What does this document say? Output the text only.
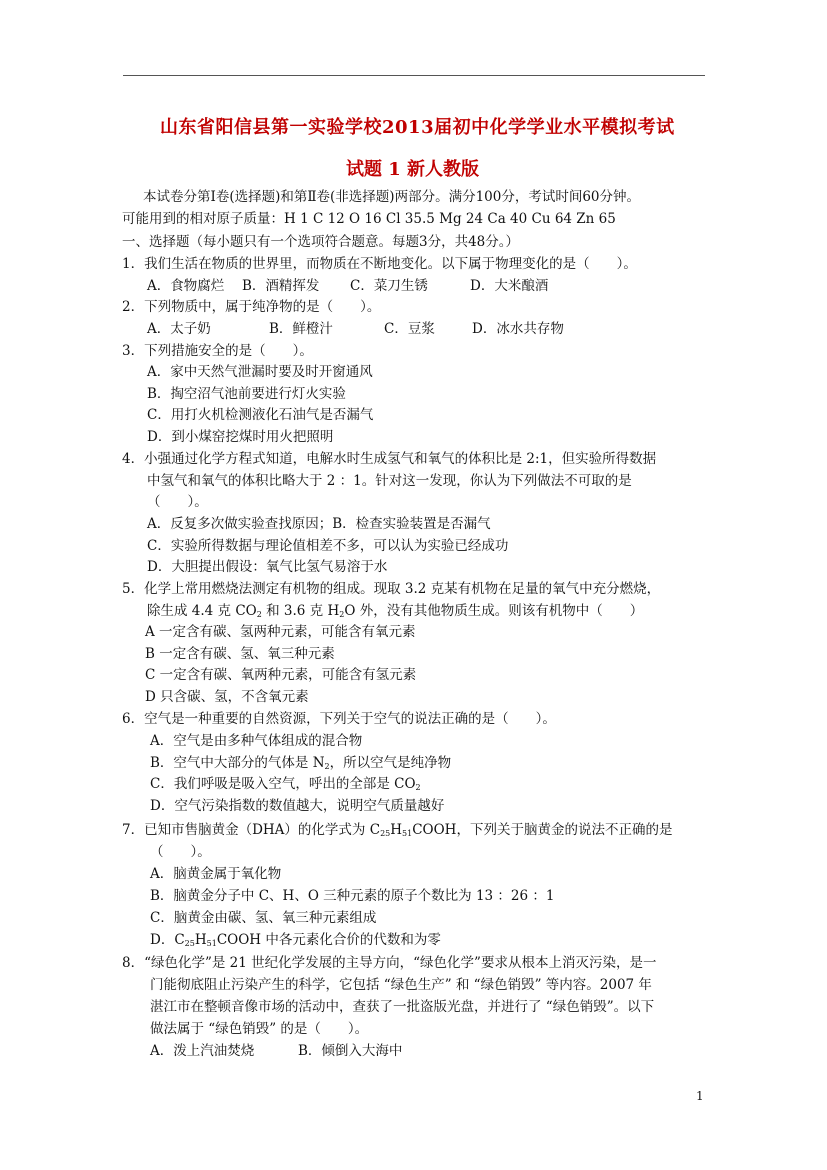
山东省阳信县第一实验学校2013届初中化学学业水平模拟考试
试题 1 新人教版
本试卷分第Ⅰ卷(选择题)和第Ⅱ卷(非选择题)两部分。满分100分，考试时间60分钟。
可能用到的相对原子质量：H 1 C 12 O 16 Cl 35.5 Mg 24 Ca 40 Cu 64 Zn 65
一、选择题（每小题只有一个选项符合题意。每题3分，共48分。）
1．我们生活在物质的世界里，而物质在不断地变化。以下属于物理变化的是（　　）。
A．食物腐烂 B．酒精挥发 C．菜刀生锈	D．大米酿酒
2．下列物质中，属于纯净物的是（　　）。
A．太子奶	B．鲜橙汁	C．豆浆	D．冰水共存物
3．下列措施安全的是（　　）。
A．家中天然气泄漏时要及时开窗通风
B．掏空沼气池前要进行灯火实验
C．用打火机检测液化石油气是否漏气
D．到小煤窑挖煤时用火把照明
4．小强通过化学方程式知道，电解水时生成氢气和氧气的体积比是 2:1，但实验所得数据
中氢气和氧气的体积比略大于 2 ：1。针对这一发现，你认为下列做法不可取的是
（　　）。
A．反复多次做实验查找原因；B．检查实验装置是否漏气
C．实验所得数据与理论值相差不多，可以认为实验已经成功
D．大胆提出假设：氧气比氢气易溶于水
5．化学上常用燃烧法测定有机物的组成。现取 3.2 克某有机物在足量的氧气中充分燃烧，
除生成 4.4 克 $CO_2$ 和 3.6 克 $H_2O$ 外，没有其他物质生成。则该有机物中（　　）
A 一定含有碳、氢两种元素，可能含有氧元素
B 一定含有碳、氢、氧三种元素
C 一定含有碳、氧两种元素，可能含有氢元素
D 只含碳、氢，不含氧元素
6．空气是一种重要的自然资源，下列关于空气的说法正确的是（　　）。
A．空气是由多种气体组成的混合物
B．空气中大部分的气体是 $N_2$，所以空气是纯净物
C．我们呼吸是吸入空气，呼出的全部是 $CO_2$
D．空气污染指数的数值越大，说明空气质量越好
7．已知市售脑黄金（DHA）的化学式为 $C_{25}H_{51}COOH$，下列关于脑黄金的说法不正确的是
（　　）。
A．脑黄金属于氧化物
B．脑黄金分子中 C、H、O 三种元素的原子个数比为 13 ：26 ：1
C．脑黄金由碳、氢、氧三种元素组成
D．$C_{25}H_{51}COOH$ 中各元素化合价的代数和为零
8．“绿色化学”是 21 世纪化学发展的主导方向，“绿色化学”要求从根本上消灭污染，是一
门能彻底阻止污染产生的科学，它包括 “绿色生产” 和 “绿色销毁” 等内容。2007 年
湛江市在整顿音像市场的活动中，查获了一批盗版光盘，并进行了 “绿色销毁”。以下
做法属于 “绿色销毁” 的是（　　）。
A．泼上汽油焚烧	B．倾倒入大海中
1
